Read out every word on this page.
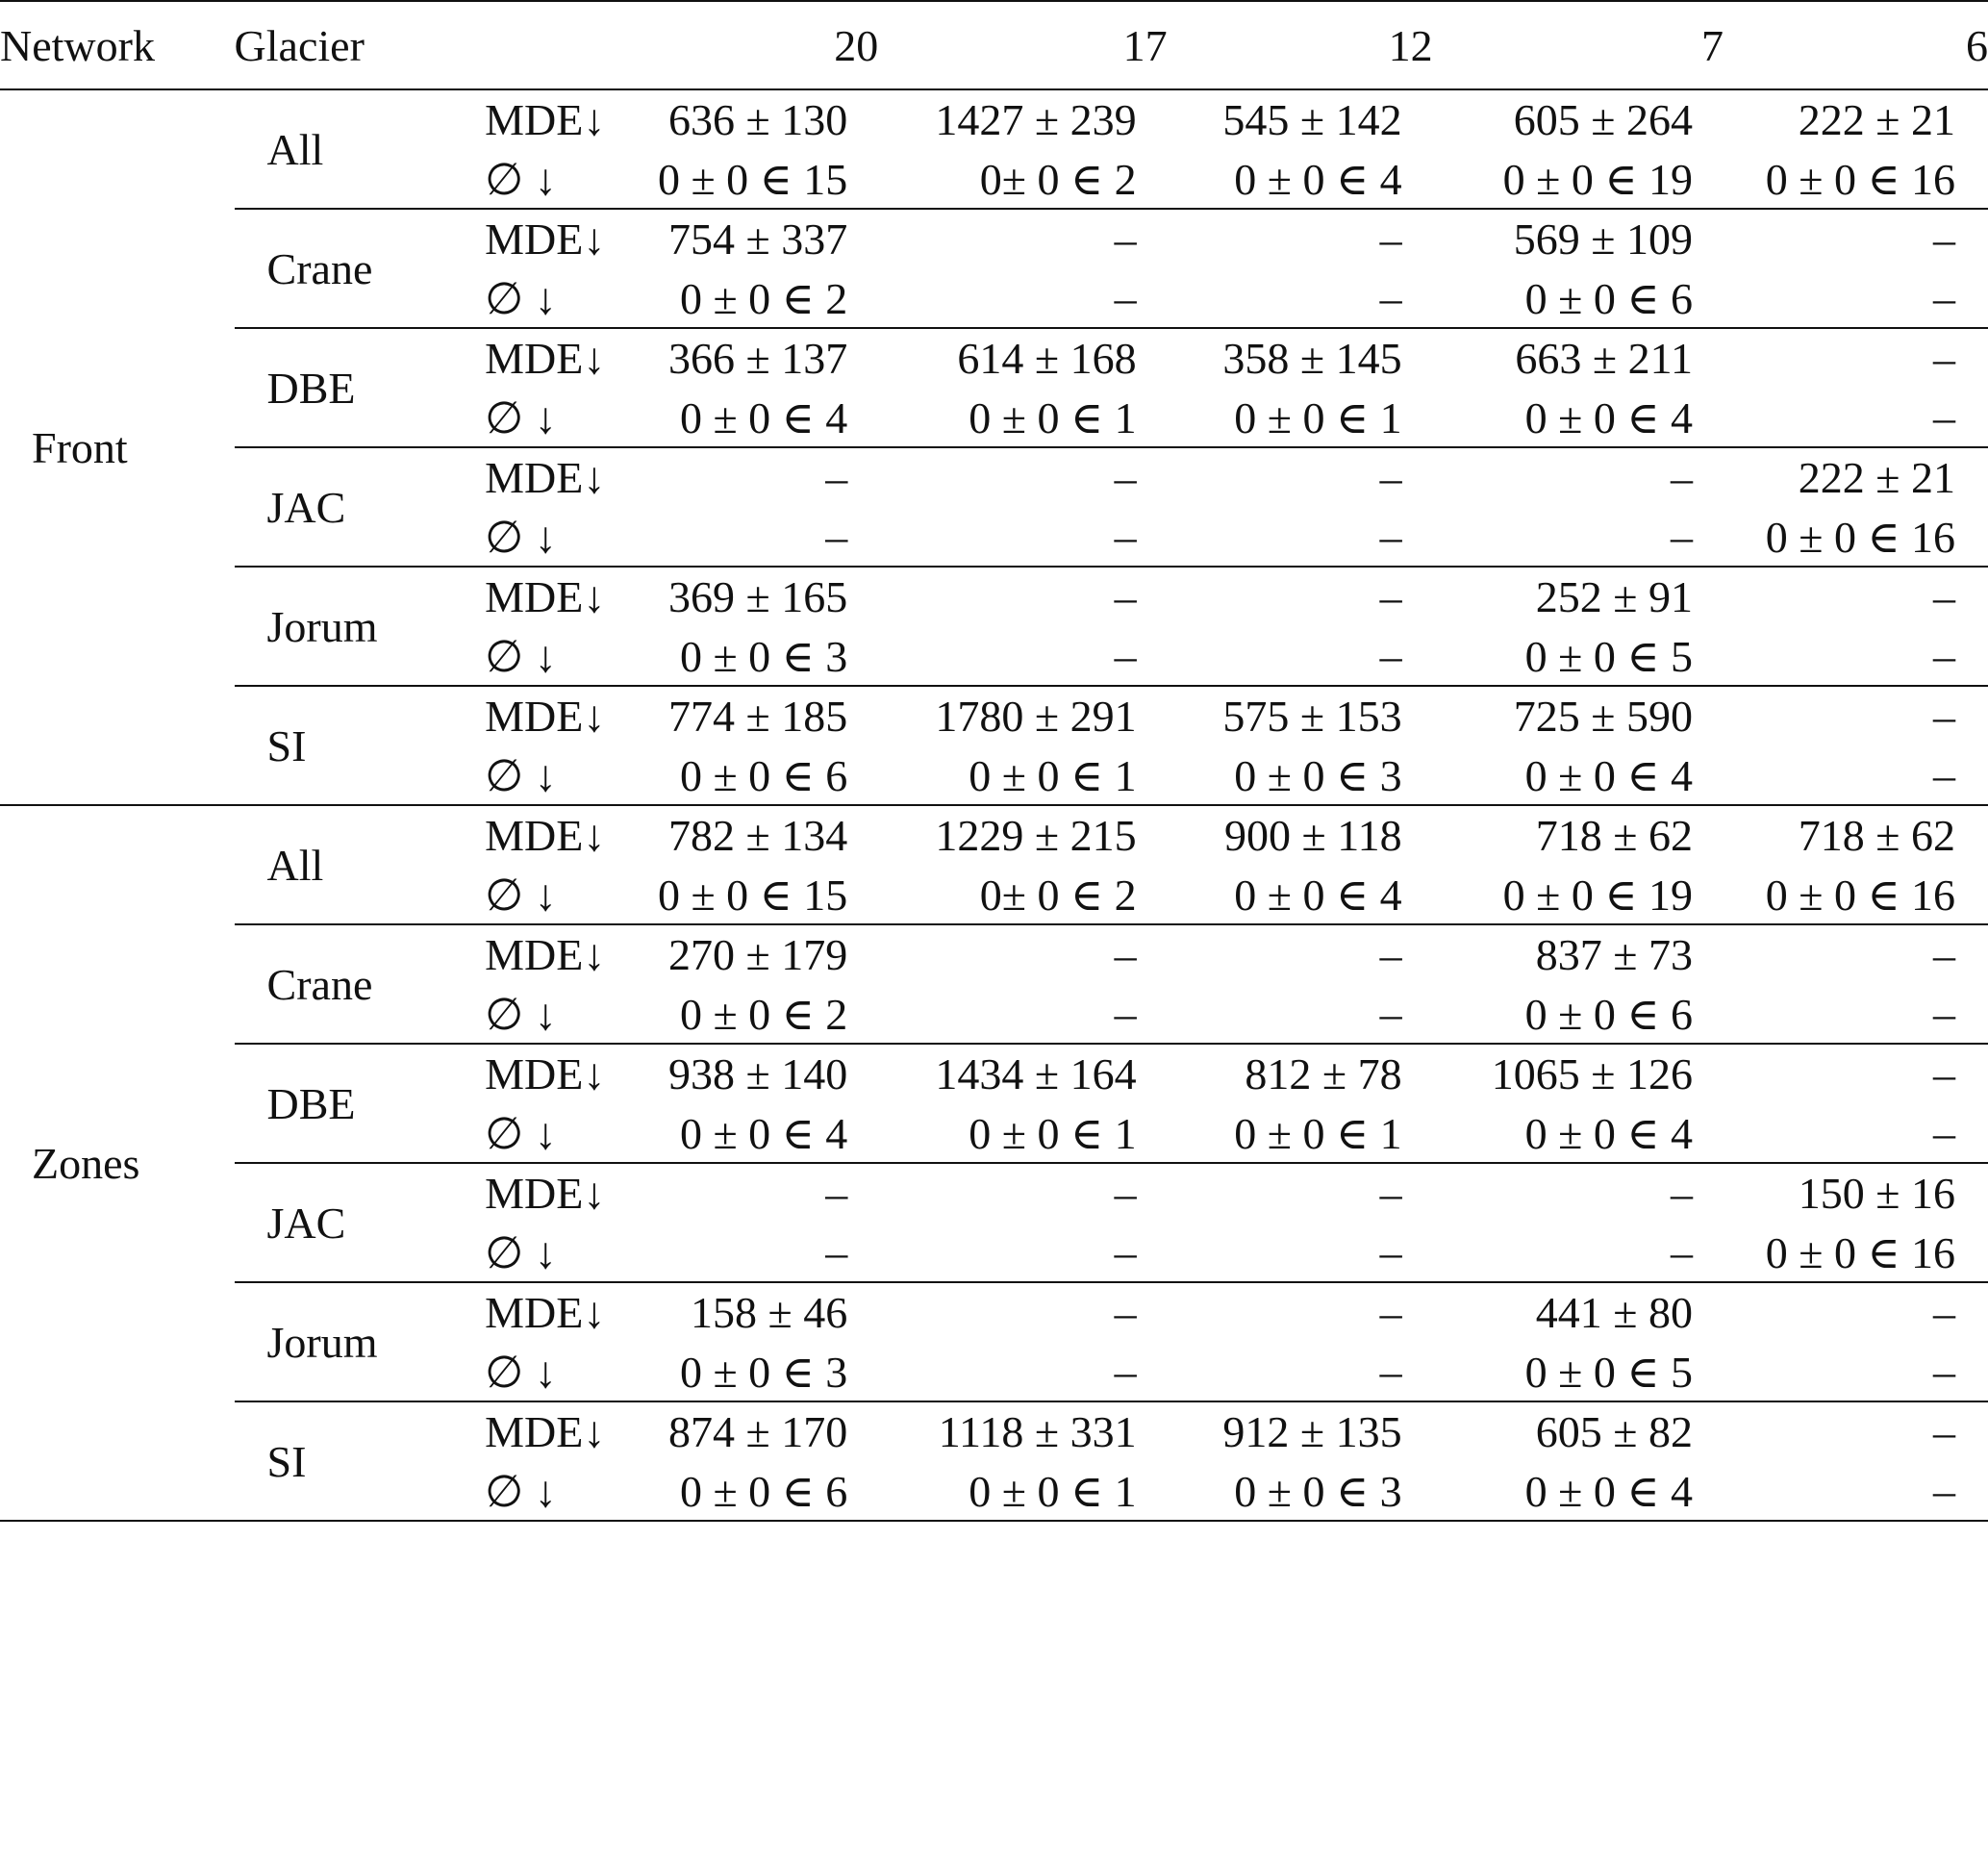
Network	Glacier		20	17	12	7	6
Front	All	MDE↓	636 ± 130	1427 ± 239	545 ± 142	605 ± 264	222 ± 21
		∅ ↓	0 ± 0 ∈ 15	0± 0 ∈ 2	0 ± 0 ∈ 4	0 ± 0 ∈ 19	0 ± 0 ∈ 16
	Crane	MDE↓	754 ± 337	–	–	569 ± 109	–
		∅ ↓	0 ± 0 ∈ 2	–	–	0 ± 0 ∈ 6	–
	DBE	MDE↓	366 ± 137	614 ± 168	358 ± 145	663 ± 211	–
		∅ ↓	0 ± 0 ∈ 4	0 ± 0 ∈ 1	0 ± 0 ∈ 1	0 ± 0 ∈ 4	–
	JAC	MDE↓	–	–	–	–	222 ± 21
		∅ ↓	–	–	–	–	0 ± 0 ∈ 16
	Jorum	MDE↓	369 ± 165	–	–	252 ± 91	–
		∅ ↓	0 ± 0 ∈ 3	–	–	0 ± 0 ∈ 5	–
	SI	MDE↓	774 ± 185	1780 ± 291	575 ± 153	725 ± 590	–
		∅ ↓	0 ± 0 ∈ 6	0 ± 0 ∈ 1	0 ± 0 ∈ 3	0 ± 0 ∈ 4	–
Zones	All	MDE↓	782 ± 134	1229 ± 215	900 ± 118	718 ± 62	718 ± 62
		∅ ↓	0 ± 0 ∈ 15	0± 0 ∈ 2	0 ± 0 ∈ 4	0 ± 0 ∈ 19	0 ± 0 ∈ 16
	Crane	MDE↓	270 ± 179	–	–	837 ± 73	–
		∅ ↓	0 ± 0 ∈ 2	–	–	0 ± 0 ∈ 6	–
	DBE	MDE↓	938 ± 140	1434 ± 164	812 ± 78	1065 ± 126	–
		∅ ↓	0 ± 0 ∈ 4	0 ± 0 ∈ 1	0 ± 0 ∈ 1	0 ± 0 ∈ 4	–
	JAC	MDE↓	–	–	–	–	150 ± 16
		∅ ↓	–	–	–	–	0 ± 0 ∈ 16
	Jorum	MDE↓	158 ± 46	–	–	441 ± 80	–
		∅ ↓	0 ± 0 ∈ 3	–	–	0 ± 0 ∈ 5	–
	SI	MDE↓	874 ± 170	1118 ± 331	912 ± 135	605 ± 82	–
		∅ ↓	0 ± 0 ∈ 6	0 ± 0 ∈ 1	0 ± 0 ∈ 3	0 ± 0 ∈ 4	–
